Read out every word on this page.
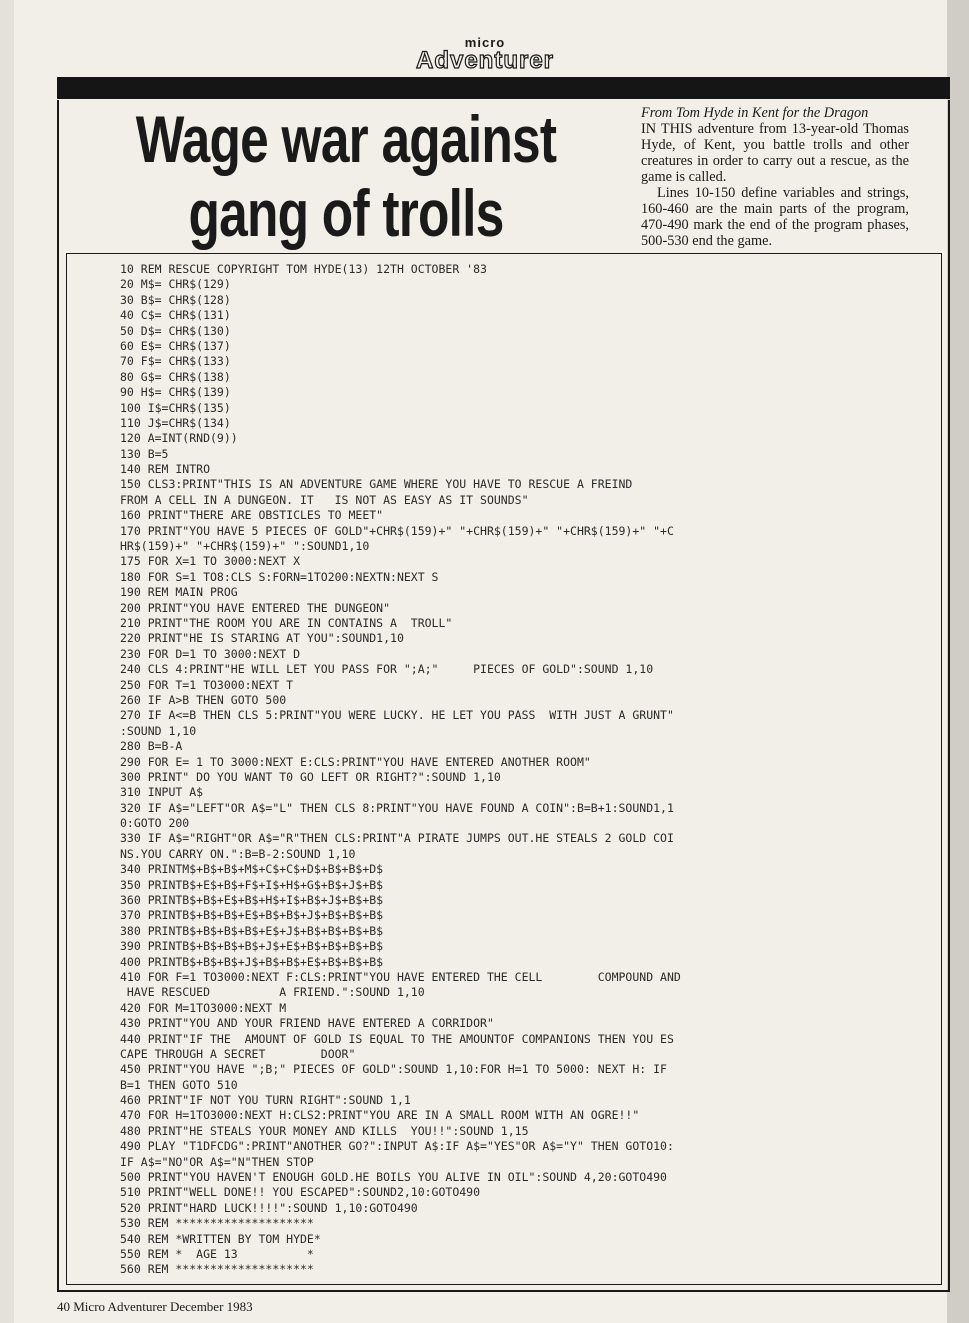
micro
Adventurer
Wage war against
gang of trolls

From Tom Hyde in Kent for the Dragon

IN THIS adventure from 13-year-old Thomas Hyde, of Kent, you battle trolls and other creatures in order to carry out a rescue, as the game is called.

Lines 10-150 define variables and strings, 160-460 are the main parts of the program, 470-490 mark the end of the program phases, 500-530 end the game.

10 REM RESCUE COPYRIGHT TOM HYDE(13) 12TH OCTOBER '83
20 M$= CHR$(129)
30 B$= CHR$(128)
40 C$= CHR$(131)
50 D$= CHR$(130)
60 E$= CHR$(137)
70 F$= CHR$(133)
80 G$= CHR$(138)
90 H$= CHR$(139)
100 I$=CHR$(135)
110 J$=CHR$(134)
120 A=INT(RND(9))
130 B=5
140 REM INTRO
150 CLS3:PRINT"THIS IS AN ADVENTURE GAME WHERE YOU HAVE TO RESCUE A FREIND
FROM A CELL IN A DUNGEON. IT   IS NOT AS EASY AS IT SOUNDS"
160 PRINT"THERE ARE OBSTICLES TO MEET"
170 PRINT"YOU HAVE 5 PIECES OF GOLD"+CHR$(159)+" "+CHR$(159)+" "+CHR$(159)+" "+C
HR$(159)+" "+CHR$(159)+" ":SOUND1,10
175 FOR X=1 TO 3000:NEXT X
180 FOR S=1 TO8:CLS S:FORN=1TO200:NEXTN:NEXT S
190 REM MAIN PROG
200 PRINT"YOU HAVE ENTERED THE DUNGEON"
210 PRINT"THE ROOM YOU ARE IN CONTAINS A  TROLL"
220 PRINT"HE IS STARING AT YOU":SOUND1,10
230 FOR D=1 TO 3000:NEXT D
240 CLS 4:PRINT"HE WILL LET YOU PASS FOR ";A;"     PIECES OF GOLD":SOUND 1,10
250 FOR T=1 TO3000:NEXT T
260 IF A>B THEN GOTO 500
270 IF A<=B THEN CLS 5:PRINT"YOU WERE LUCKY. HE LET YOU PASS  WITH JUST A GRUNT"
:SOUND 1,10
280 B=B-A
290 FOR E= 1 TO 3000:NEXT E:CLS:PRINT"YOU HAVE ENTERED ANOTHER ROOM"
300 PRINT" DO YOU WANT T0 GO LEFT OR RIGHT?":SOUND 1,10
310 INPUT A$
320 IF A$="LEFT"OR A$="L" THEN CLS 8:PRINT"YOU HAVE FOUND A COIN":B=B+1:SOUND1,1
0:GOTO 200
330 IF A$="RIGHT"OR A$="R"THEN CLS:PRINT"A PIRATE JUMPS OUT.HE STEALS 2 GOLD COI
NS.YOU CARRY ON.":B=B-2:SOUND 1,10
340 PRINTM$+B$+B$+M$+C$+C$+D$+B$+B$+D$
350 PRINTB$+E$+B$+F$+I$+H$+G$+B$+J$+B$
360 PRINTB$+B$+E$+B$+H$+I$+B$+J$+B$+B$
370 PRINTB$+B$+B$+E$+B$+B$+J$+B$+B$+B$
380 PRINTB$+B$+B$+B$+E$+J$+B$+B$+B$+B$
390 PRINTB$+B$+B$+B$+J$+E$+B$+B$+B$+B$
400 PRINTB$+B$+B$+J$+B$+B$+E$+B$+B$+B$
410 FOR F=1 TO3000:NEXT F:CLS:PRINT"YOU HAVE ENTERED THE CELL        COMPOUND AND
HAVE RESCUED          A FRIEND.":SOUND 1,10
420 FOR M=1TO3000:NEXT M
430 PRINT"YOU AND YOUR FRIEND HAVE ENTERED A CORRIDOR"
440 PRINT"IF THE  AMOUNT OF GOLD IS EQUAL TO THE AMOUNTOF COMPANIONS THEN YOU ES
CAPE THROUGH A SECRET        DOOR"
450 PRINT"YOU HAVE ";B;" PIECES OF GOLD":SOUND 1,10:FOR H=1 TO 5000: NEXT H: IF
B=1 THEN GOTO 510
460 PRINT"IF NOT YOU TURN RIGHT":SOUND 1,1
470 FOR H=1TO3000:NEXT H:CLS2:PRINT"YOU ARE IN A SMALL ROOM WITH AN OGRE!!"
480 PRINT"HE STEALS YOUR MONEY AND KILLS  YOU!!":SOUND 1,15
490 PLAY "T1DFCDG":PRINT"ANOTHER GO?":INPUT A$:IF A$="YES"OR A$="Y" THEN GOTO10:
IF A$="NO"OR A$="N"THEN STOP
500 PRINT"YOU HAVEN'T ENOUGH GOLD.HE BOILS YOU ALIVE IN OIL":SOUND 4,20:GOTO490
510 PRINT"WELL DONE!! YOU ESCAPED":SOUND2,10:GOTO490
520 PRINT"HARD LUCK!!!!":SOUND 1,10:GOTO490
530 REM ********************
540 REM *WRITTEN BY TOM HYDE*
550 REM *  AGE 13          *
560 REM ********************
40 Micro Adventurer December 1983
